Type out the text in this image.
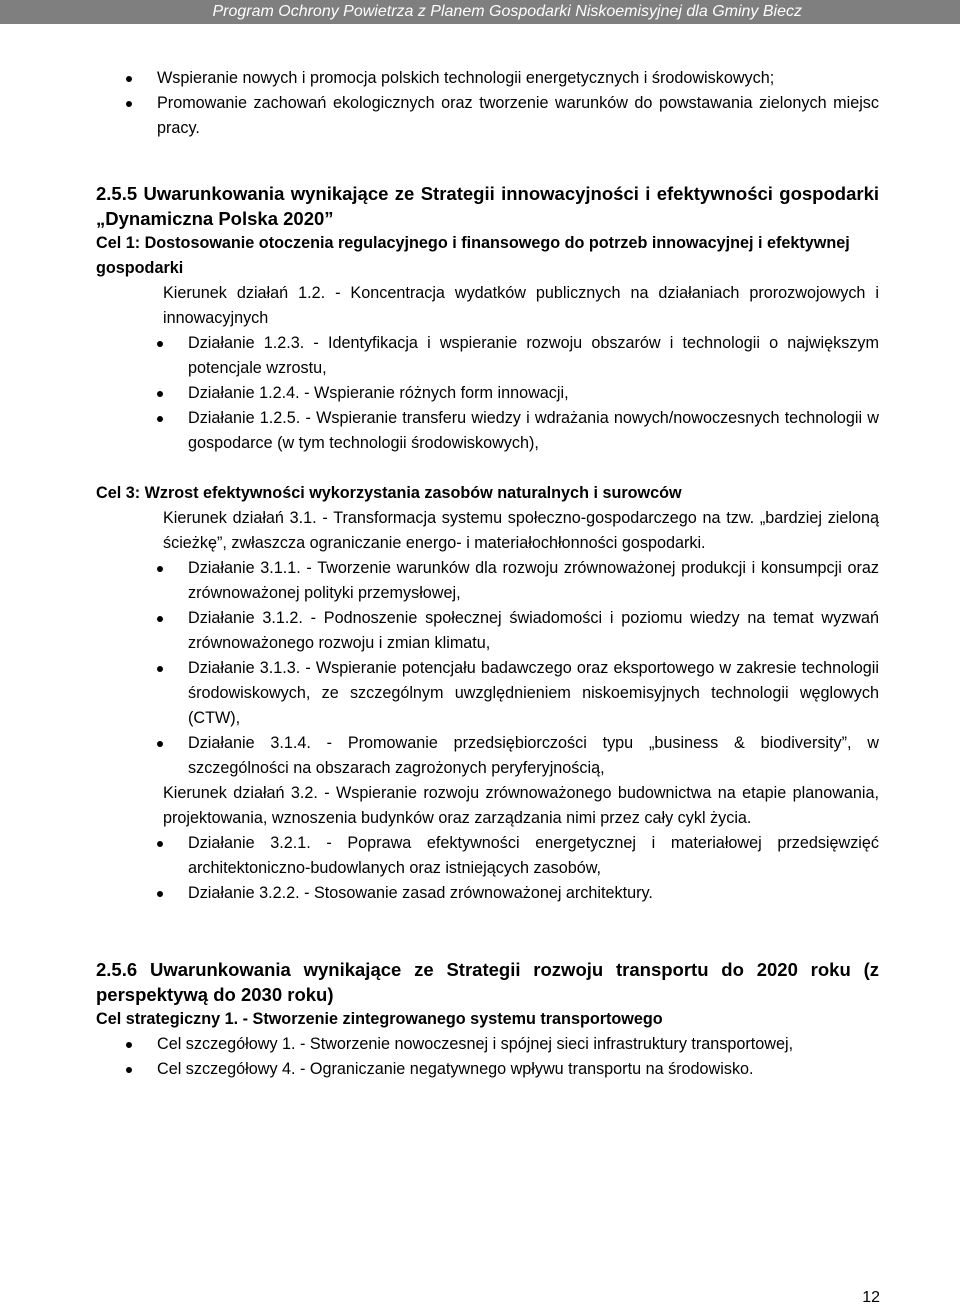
Program Ochrony Powietrza z Planem Gospodarki Niskoemisyjnej dla Gminy Biecz
Wspieranie nowych i promocja polskich technologii energetycznych i środowiskowych;
Promowanie zachowań ekologicznych oraz tworzenie warunków do powstawania zielonych miejsc pracy.
2.5.5 Uwarunkowania wynikające ze Strategii innowacyjności i efektywności gospodarki „Dynamiczna Polska 2020”
Cel 1: Dostosowanie otoczenia regulacyjnego i finansowego do potrzeb innowacyjnej i efektywnej gospodarki
Kierunek działań 1.2. - Koncentracja wydatków publicznych na działaniach prorozwojowych i innowacyjnych
Działanie 1.2.3. - Identyfikacja i wspieranie rozwoju obszarów i technologii o największym potencjale wzrostu,
Działanie 1.2.4. - Wspieranie różnych form innowacji,
Działanie 1.2.5. - Wspieranie transferu wiedzy i wdrażania nowych/nowoczesnych technologii w gospodarce (w tym technologii środowiskowych),
Cel 3: Wzrost efektywności wykorzystania zasobów naturalnych i surowców
Kierunek działań 3.1. - Transformacja systemu społeczno-gospodarczego na tzw. „bardziej zieloną ścieżkę”, zwłaszcza ograniczanie energo- i materiałochłonności gospodarki.
Działanie 3.1.1. - Tworzenie warunków dla rozwoju zrównoważonej produkcji i konsumpcji oraz zrównoważonej polityki przemysłowej,
Działanie 3.1.2. - Podnoszenie społecznej świadomości i poziomu wiedzy na temat wyzwań zrównoważonego rozwoju i zmian klimatu,
Działanie 3.1.3. - Wspieranie potencjału badawczego oraz eksportowego w zakresie technologii środowiskowych, ze szczególnym uwzględnieniem niskoemisyjnych technologii węglowych (CTW),
Działanie 3.1.4. - Promowanie przedsiębiorczości typu „business & biodiversity”, w szczególności na obszarach zagrożonych peryferyjnością,
Kierunek działań 3.2. - Wspieranie rozwoju zrównoważonego budownictwa na etapie planowania, projektowania, wznoszenia budynków oraz zarządzania nimi przez cały cykl życia.
Działanie 3.2.1. - Poprawa efektywności energetycznej i materiałowej przedsięwzięć architektoniczno-budowlanych oraz istniejących zasobów,
Działanie 3.2.2. - Stosowanie zasad zrównoważonej architektury.
2.5.6 Uwarunkowania wynikające ze Strategii rozwoju transportu do 2020 roku (z perspektywą do 2030 roku)
Cel strategiczny 1. - Stworzenie zintegrowanego systemu transportowego
Cel szczegółowy 1. - Stworzenie nowoczesnej i spójnej sieci infrastruktury transportowej,
Cel szczegółowy 4. - Ograniczanie negatywnego wpływu transportu na środowisko.
12
